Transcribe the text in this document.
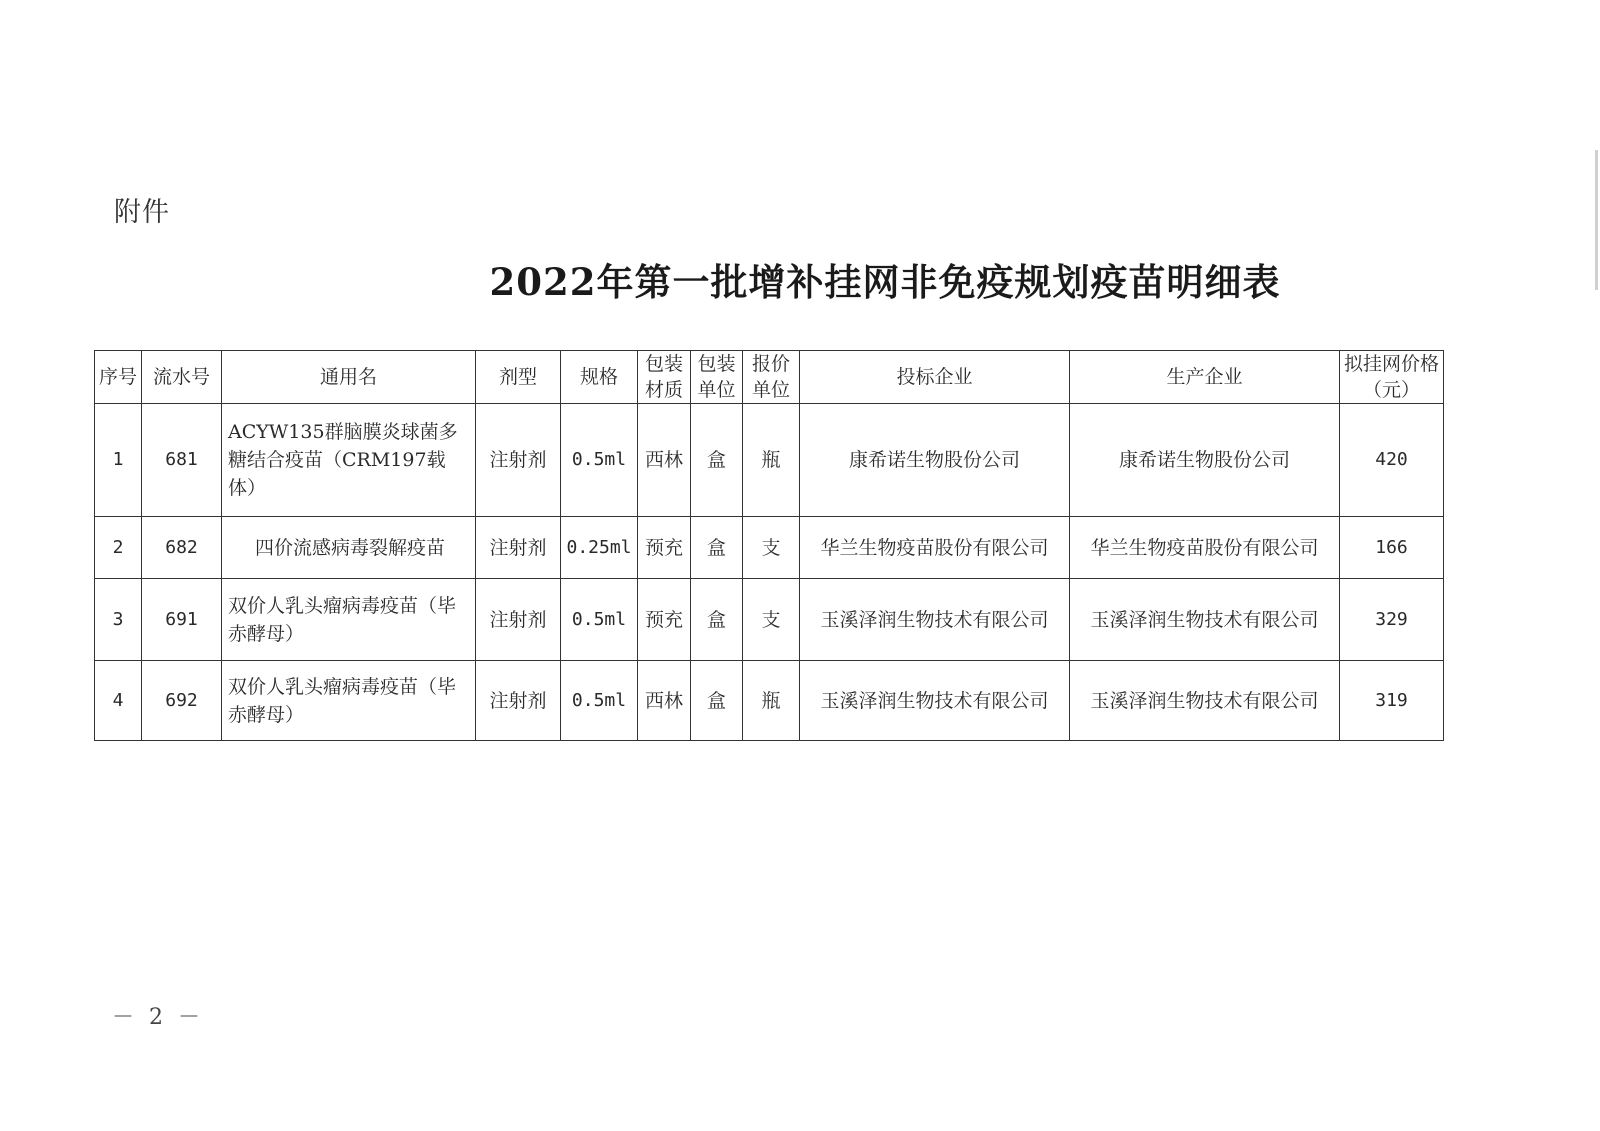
附件
2022年第一批增补挂网非免疫规划疫苗明细表
序号	流水号	通用名	剂型	规格	包装材质	包装单位	报价单位	投标企业	生产企业	拟挂网价格（元）
1	681	ACYW135群脑膜炎球菌多糖结合疫苗（CRM197载体）	注射剂	0.5ml	西林	盒	瓶	康希诺生物股份公司	康希诺生物股份公司	420
2	682	四价流感病毒裂解疫苗	注射剂	0.25ml	预充	盒	支	华兰生物疫苗股份有限公司	华兰生物疫苗股份有限公司	166
3	691	双价人乳头瘤病毒疫苗（毕赤酵母）	注射剂	0.5ml	预充	盒	支	玉溪泽润生物技术有限公司	玉溪泽润生物技术有限公司	329
4	692	双价人乳头瘤病毒疫苗（毕赤酵母）	注射剂	0.5ml	西林	盒	瓶	玉溪泽润生物技术有限公司	玉溪泽润生物技术有限公司	319
－ 2 －
